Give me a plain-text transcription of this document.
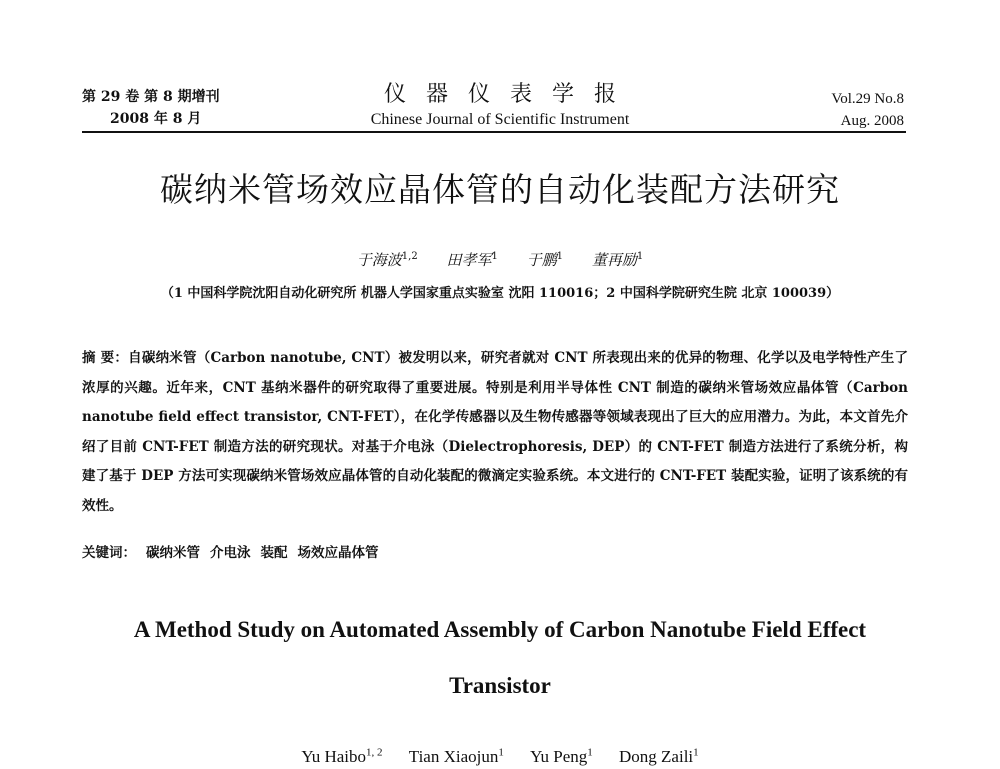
第 29 卷 第 8 期增刊
2008 年 8 月
仪器仪表学报
Chinese Journal of Scientific Instrument
Vol.29 No.8
Aug. 2008
碳纳米管场效应晶体管的自动化装配方法研究
于海波$^{1,2}$ 田孝军$^1$ 于鹏$^1$ 董再励$^1$
（1 中国科学院沈阳自动化研究所 机器人学国家重点实验室 沈阳 110016；2 中国科学院研究生院 北京 100039）
摘 要：自碳纳米管（Carbon nanotube, CNT）被发明以来，研究者就对 CNT 所表现出来的优异的物理、化学以及电学特性产生了浓厚的兴趣。近年来，CNT 基纳米器件的研究取得了重要进展。特别是利用半导体性 CNT 制造的碳纳米管场效应晶体管（Carbon nanotube field effect transistor, CNT-FET），在化学传感器以及生物传感器等领域表现出了巨大的应用潜力。为此，本文首先介绍了目前 CNT-FET 制造方法的研究现状。对基于介电泳（Dielectrophoresis, DEP）的 CNT-FET 制造方法进行了系统分析，构建了基于 DEP 方法可实现碳纳米管场效应晶体管的自动化装配的微滴定实验系统。本文进行的 CNT-FET 装配实验，证明了该系统的有效性。
关键词： 碳纳米管 介电泳 装配 场效应晶体管
A Method Study on Automated Assembly of Carbon Nanotube Field Effect
Transistor
Yu Haibo$^{1, 2}$ Tian Xiaojun$^1$ Yu Peng$^1$ Dong Zaili$^1$
